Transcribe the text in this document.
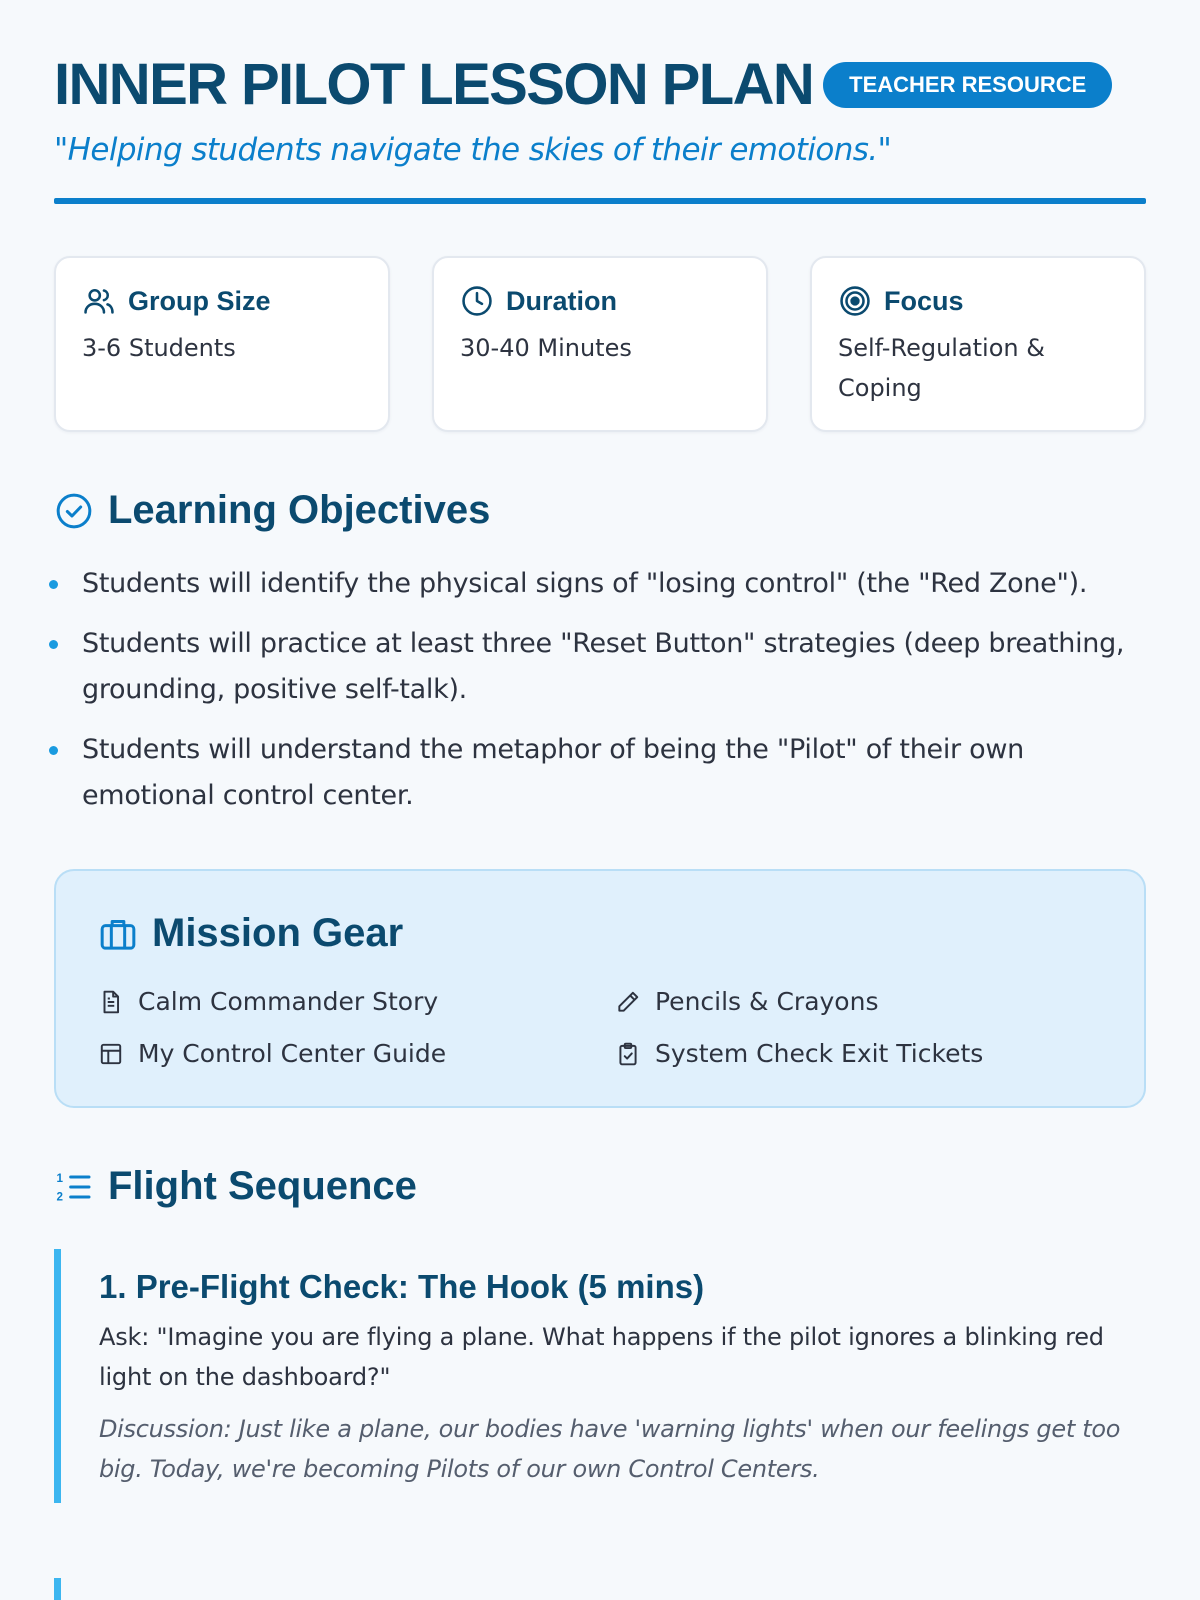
INNER PILOT LESSON PLAN	TEACHER RESOURCE

"Helping students navigate the skies of their emotions."

Group Size
3-6 Students
Duration
30-40 Minutes
Focus
Self-Regulation & Coping
Learning Objectives
Students will identify the physical signs of "losing control" (the "Red Zone").
Students will practice at least three "Reset Button" strategies (deep breathing, grounding, positive self-talk).
Students will understand the metaphor of being the "Pilot" of their own emotional control center.
Mission Gear
Calm Commander Story	Pencils & Crayons
My Control Center Guide	System Check Exit Tickets
1
2 Flight Sequence
1. Pre-Flight Check: The Hook (5 mins)

Ask: "Imagine you are flying a plane. What happens if the pilot ignores a blinking red light on the dashboard?"

Discussion: Just like a plane, our bodies have 'warning lights' when our feelings get too big. Today, we're becoming Pilots of our own Control Centers.
